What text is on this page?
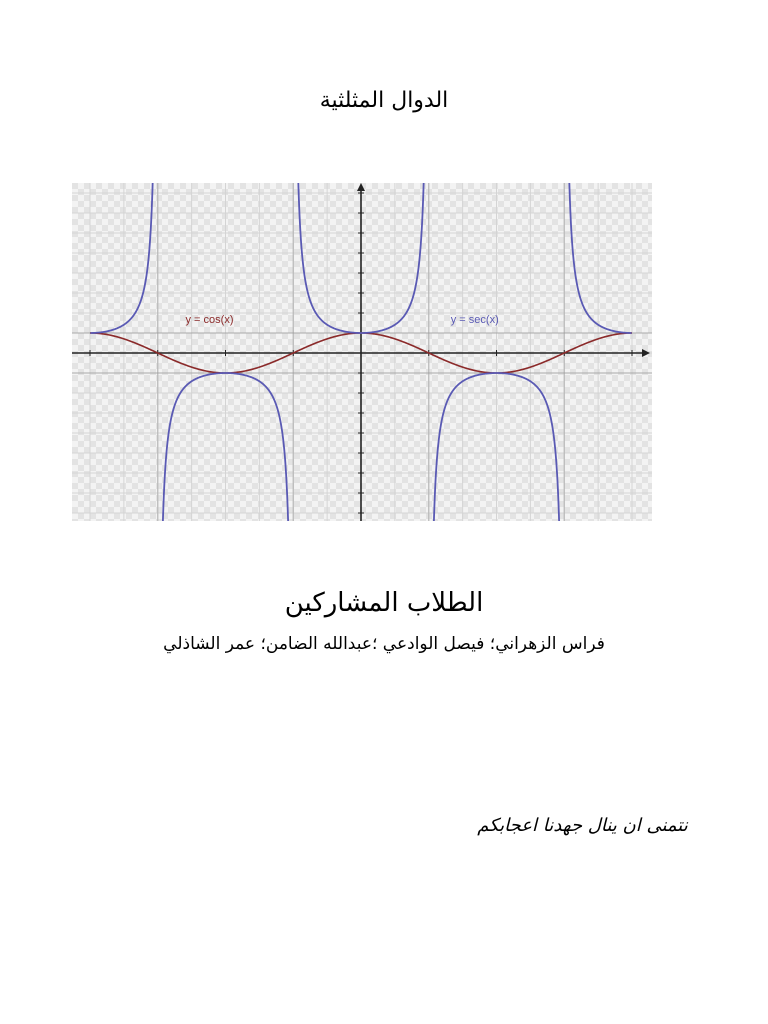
الدوال المثلثية
y = cos(x)	y = sec(x)
الطلاب المشاركين
فراس الزهراني؛ فيصل الوادعي ؛عبدالله الضامن؛ عمر الشاذلي
نتمنى ان ينال جهدنا اعجابكم
